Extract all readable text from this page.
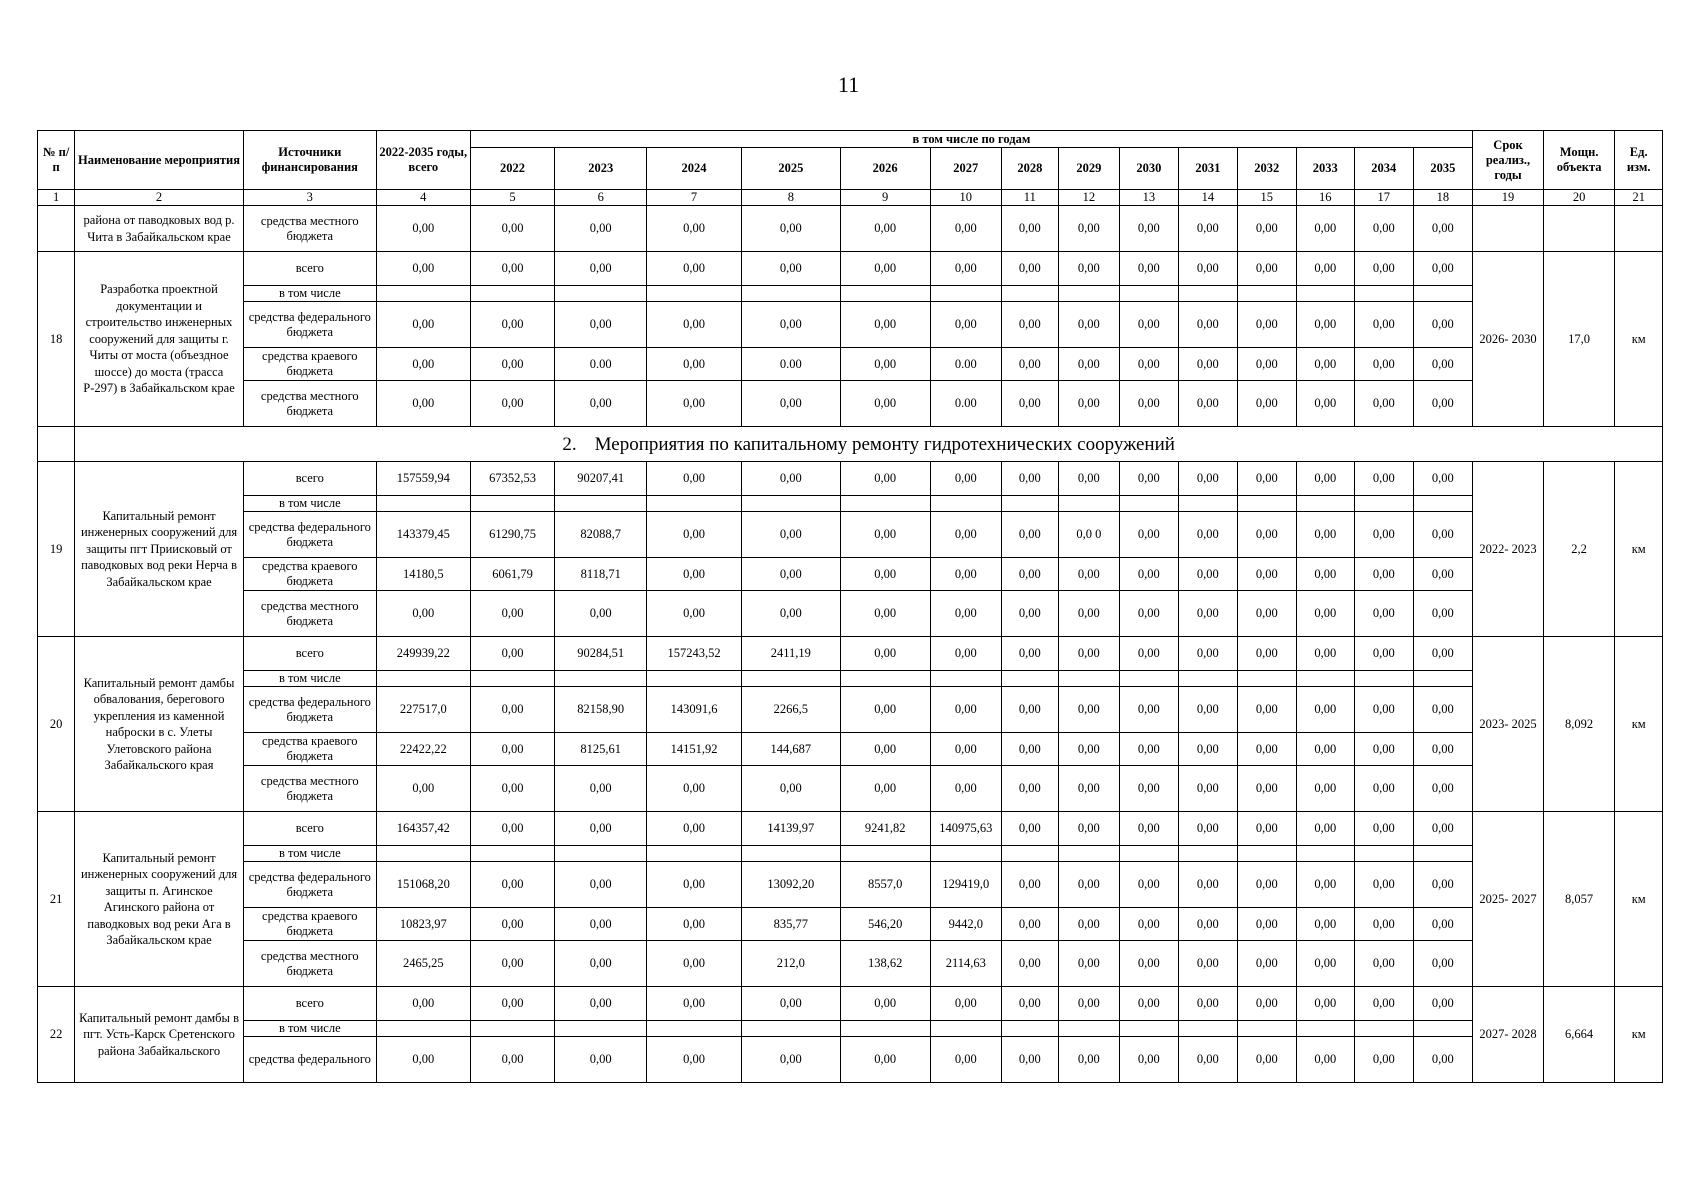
11
№ п/ п	Наименование мероприятия	Источники финансирования	2022-2035 годы, всего	в том числе по годам														Срок реализ., годы	Мощн. объекта	Ед. изм.
				2022	2023	2024	2025	2026	2027	2028	2029	2030	2031	2032	2033	2034	2035			
1	2	3	4	5	6	7	8	9	10	11	12	13	14	15	16	17	18	19	20	21
	района от паводковых вод р. Чита в Забайкальском крае	средства местного бюджета	0,00	0,00	0,00	0,00	0,00	0,00	0,00	0,00	0,00	0,00	0,00	0,00	0,00	0,00	0,00			
18	Разработка проектной документации и строительство инженерных сооружений для защиты г. Читы от моста (объездное шоссе) до моста (трасса Р-297) в Забайкальском крае	всего	0,00	0,00	0,00	0,00	0,00	0,00	0,00	0,00	0,00	0,00	0,00	0,00	0,00	0,00	0,00	2026- 2030	17,0	км
		в том числе																		
		средства федерального бюджета	0,00	0,00	0,00	0,00	0,00	0,00	0,00	0,00	0,00	0,00	0,00	0,00	0,00	0,00	0,00			
		средства краевого бюджета	0,00	0,00	0.00	0,00	0.00	0,00	0.00	0,00	0,00	0,00	0,00	0,00	0,00	0,00	0,00			
		средства местного бюджета	0,00	0,00	0,00	0,00	0,00	0,00	0.00	0,00	0,00	0,00	0,00	0,00	0,00	0,00	0,00			
	2. Мероприятия по капитальному ремонту гидротехнических сооружений																			
19	Капитальный ремонт инженерных сооружений для защиты пгт Приисковый от паводковых вод реки Нерча в Забайкальском крае	всего	157559,94	67352,53	90207,41	0,00	0,00	0,00	0,00	0,00	0,00	0,00	0,00	0,00	0,00	0,00	0,00	2022- 2023	2,2	км
		в том числе																		
		средства федерального бюджета	143379,45	61290,75	82088,7	0,00	0,00	0,00	0,00	0,00	0,0 0	0,00	0,00	0,00	0,00	0,00	0,00			
		средства краевого бюджета	14180,5	6061,79	8118,71	0,00	0,00	0,00	0,00	0,00	0,00	0,00	0,00	0,00	0,00	0,00	0,00			
		средства местного бюджета	0,00	0,00	0,00	0,00	0,00	0,00	0,00	0,00	0,00	0,00	0,00	0,00	0,00	0,00	0,00			
20	Капитальный ремонт дамбы обвалования, берегового укрепления из каменной наброски в с. Улеты Улетовского района Забайкальского края	всего	249939,22	0,00	90284,51	157243,52	2411,19	0,00	0,00	0,00	0,00	0,00	0,00	0,00	0,00	0,00	0,00	2023- 2025	8,092	км
		в том числе																		
		средства федерального бюджета	227517,0	0,00	82158,90	143091,6	2266,5	0,00	0,00	0,00	0,00	0,00	0,00	0,00	0,00	0,00	0,00			
		средства краевого бюджета	22422,22	0,00	8125,61	14151,92	144,687	0,00	0,00	0,00	0,00	0,00	0,00	0,00	0,00	0,00	0,00			
		средства местного бюджета	0,00	0,00	0,00	0,00	0,00	0,00	0,00	0,00	0,00	0,00	0,00	0,00	0,00	0,00	0,00			
21	Капитальный ремонт инженерных сооружений для защиты п. Агинское Агинского района от паводковых вод реки Ага в Забайкальском крае	всего	164357,42	0,00	0,00	0,00	14139,97	9241,82	140975,63	0,00	0,00	0,00	0,00	0,00	0,00	0,00	0,00	2025- 2027	8,057	км
		в том числе																		
		средства федерального бюджета	151068,20	0,00	0,00	0,00	13092,20	8557,0	129419,0	0,00	0,00	0,00	0,00	0,00	0,00	0,00	0,00			
		средства краевого бюджета	10823,97	0,00	0,00	0,00	835,77	546,20	9442,0	0,00	0,00	0,00	0,00	0,00	0,00	0,00	0,00			
		средства местного бюджета	2465,25	0,00	0,00	0,00	212,0	138,62	2114,63	0,00	0,00	0,00	0,00	0,00	0,00	0,00	0,00			
22	Капитальный ремонт дамбы в пгт. Усть-Карск Сретенского района Забайкальского	всего	0,00	0,00	0,00	0,00	0,00	0,00	0,00	0,00	0,00	0,00	0,00	0,00	0,00	0,00	0,00	2027- 2028	6,664	км
		в том числе																		
		средства федерального	0,00	0,00	0,00	0,00	0,00	0,00	0,00	0,00	0,00	0,00	0,00	0,00	0,00	0,00	0,00			
